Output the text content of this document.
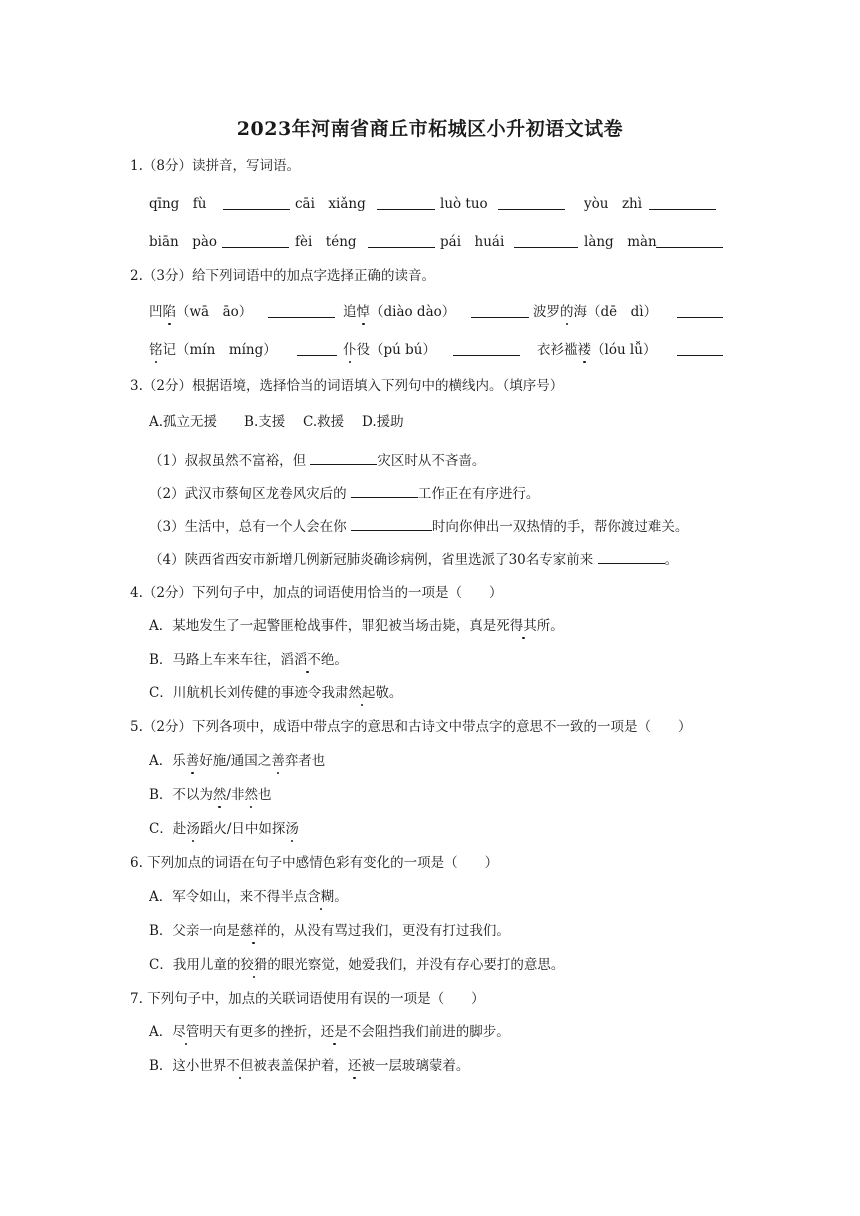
2023年河南省商丘市柘城区小升初语文试卷
1.（8分）读拼音，写词语。
qīng　fù	cāi　xiǎng	luò tuo	yòu　zhì
biān　pào	fèi　téng	pái　huái	làng　màn
2.（3分）给下列词语中的加点字选择正确的读音。
凹陷（wā　āo）	追悼（diào dào）	波罗的海（dē　dì）
铭记（mín　míng）	仆役（pú bú）	衣衫褴褛（lóu lǚ）
3.（2分）根据语境，选择恰当的词语填入下列句中的横线内。（填序号）
A.孤立无援　　B.支援　 C.救援　 D.援助
（1）叔叔虽然不富裕，但	灾区时从不吝啬。
（2）武汉市蔡甸区龙卷风灾后的	工作正在有序进行。
（3）生活中，总有一个人会在你	时向你伸出一双热情的手，帮你渡过难关。
（4）陕西省西安市新增几例新冠肺炎确诊病例，省里选派了30名专家前来	。
4.（2分）下列句子中，加点的词语使用恰当的一项是（　　）
A．某地发生了一起警匪枪战事件，罪犯被当场击毙，真是死得其所。
B．马路上车来车往，滔滔不绝。
C．川航机长刘传健的事迹令我肃然起敬。
5.（2分）下列各项中，成语中带点字的意思和古诗文中带点字的意思不一致的一项是（　　）
A．乐善好施/通国之善弈者也
B．不以为然/非然也
C．赴汤蹈火/日中如探汤
6. 下列加点的词语在句子中感情色彩有变化的一项是（　　）
A．军令如山，来不得半点含糊。
B．父亲一向是慈祥的，从没有骂过我们，更没有打过我们。
C．我用儿童的狡猾的眼光察觉，她爱我们，并没有存心要打的意思。
7. 下列句子中，加点的关联词语使用有误的一项是（　　）
A．尽管明天有更多的挫折，还是不会阻挡我们前进的脚步。
B．这小世界不但被表盖保护着，还被一层玻璃蒙着。
